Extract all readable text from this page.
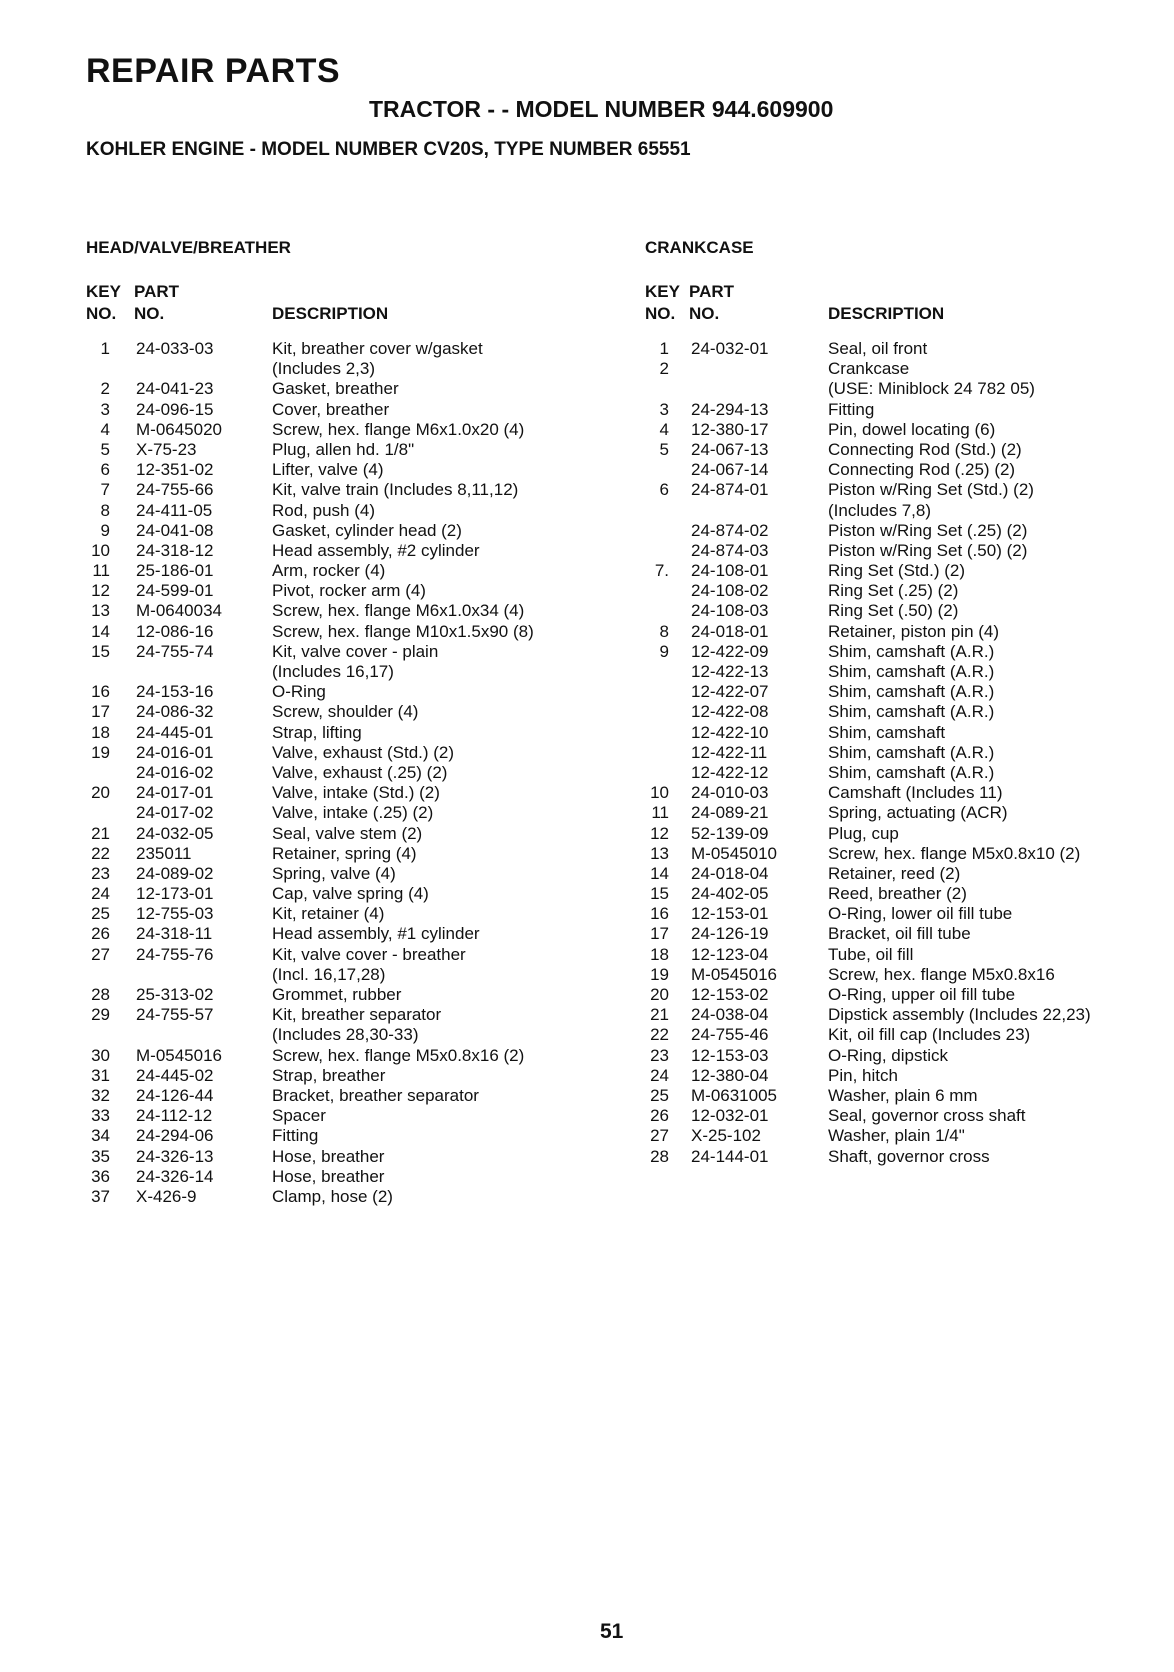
REPAIR PARTS
TRACTOR - - MODEL NUMBER 944.609900
KOHLER ENGINE - MODEL NUMBER CV20S, TYPE NUMBER 65551
HEAD/VALVE/BREATHER
KEY
NO.
PART
NO.	DESCRIPTION
1 24-033-03	Kit, breather cover w/gasket
(Includes 2,3)
2 24-041-23	Gasket, breather
3 24-096-15	Cover, breather
4 M-0645020	Screw, hex. flange M6x1.0x20 (4)
5 X-75-23	Plug, allen hd. 1/8"
6 12-351-02	Lifter, valve (4)
7 24-755-66	Kit, valve train (Includes 8,11,12)
8 24-411-05	Rod, push (4)
9 24-041-08	Gasket, cylinder head (2)
10 24-318-12	Head assembly, #2 cylinder
11 25-186-01	Arm, rocker (4)
12 24-599-01	Pivot, rocker arm (4)
13 M-0640034	Screw, hex. flange M6x1.0x34 (4)
14 12-086-16	Screw, hex. flange M10x1.5x90 (8)
15 24-755-74	Kit, valve cover - plain
(Includes 16,17)
16 24-153-16	O-Ring
17 24-086-32	Screw, shoulder (4)
18 24-445-01	Strap, lifting
19 24-016-01	Valve, exhaust (Std.) (2)
24-016-02	Valve, exhaust (.25) (2)
20 24-017-01	Valve, intake (Std.) (2)
24-017-02	Valve, intake (.25) (2)
21 24-032-05	Seal, valve stem (2)
22 235011	Retainer, spring (4)
23 24-089-02	Spring, valve (4)
24 12-173-01	Cap, valve spring (4)
25 12-755-03	Kit, retainer (4)
26 24-318-11	Head assembly, #1 cylinder
27 24-755-76	Kit, valve cover - breather
(Incl. 16,17,28)
28 25-313-02	Grommet, rubber
29 24-755-57	Kit, breather separator
(Includes 28,30-33)
30 M-0545016	Screw, hex. flange M5x0.8x16 (2)
31 24-445-02	Strap, breather
32 24-126-44	Bracket, breather separator
33 24-112-12	Spacer
34 24-294-06	Fitting
35 24-326-13	Hose, breather
36 24-326-14	Hose, breather
37 X-426-9	Clamp, hose (2)
CRANKCASE
KEY
NO.
PART
NO.	DESCRIPTION
1 24-032-01	Seal, oil front
2	Crankcase
(USE: Miniblock 24 782 05)
3 24-294-13	Fitting
4 12-380-17	Pin, dowel locating (6)
5 24-067-13	Connecting Rod (Std.) (2)
24-067-14	Connecting Rod (.25) (2)
6 24-874-01	Piston w/Ring Set (Std.) (2)
(Includes 7,8)
24-874-02	Piston w/Ring Set (.25) (2)
24-874-03	Piston w/Ring Set (.50) (2)
7. 24-108-01	Ring Set (Std.) (2)
24-108-02	Ring Set (.25) (2)
24-108-03	Ring Set (.50) (2)
8 24-018-01	Retainer, piston pin (4)
9 12-422-09	Shim, camshaft (A.R.)
12-422-13	Shim, camshaft (A.R.)
12-422-07	Shim, camshaft (A.R.)
12-422-08	Shim, camshaft (A.R.)
12-422-10	Shim, camshaft
12-422-11	Shim, camshaft (A.R.)
12-422-12	Shim, camshaft (A.R.)
10 24-010-03	Camshaft (Includes 11)
11 24-089-21	Spring, actuating (ACR)
12 52-139-09	Plug, cup
13 M-0545010	Screw, hex. flange M5x0.8x10 (2)
14 24-018-04	Retainer, reed (2)
15 24-402-05	Reed, breather (2)
16 12-153-01	O-Ring, lower oil fill tube
17 24-126-19	Bracket, oil fill tube
18 12-123-04	Tube, oil fill
19 M-0545016	Screw, hex. flange M5x0.8x16
20 12-153-02	O-Ring, upper oil fill tube
21 24-038-04	Dipstick assembly (Includes 22,23)
22 24-755-46	Kit, oil fill cap (Includes 23)
23 12-153-03	O-Ring, dipstick
24 12-380-04	Pin, hitch
25 M-0631005	Washer, plain 6 mm
26 12-032-01	Seal, governor cross shaft
27 X-25-102	Washer, plain 1/4"
28 24-144-01	Shaft, governor cross
51
